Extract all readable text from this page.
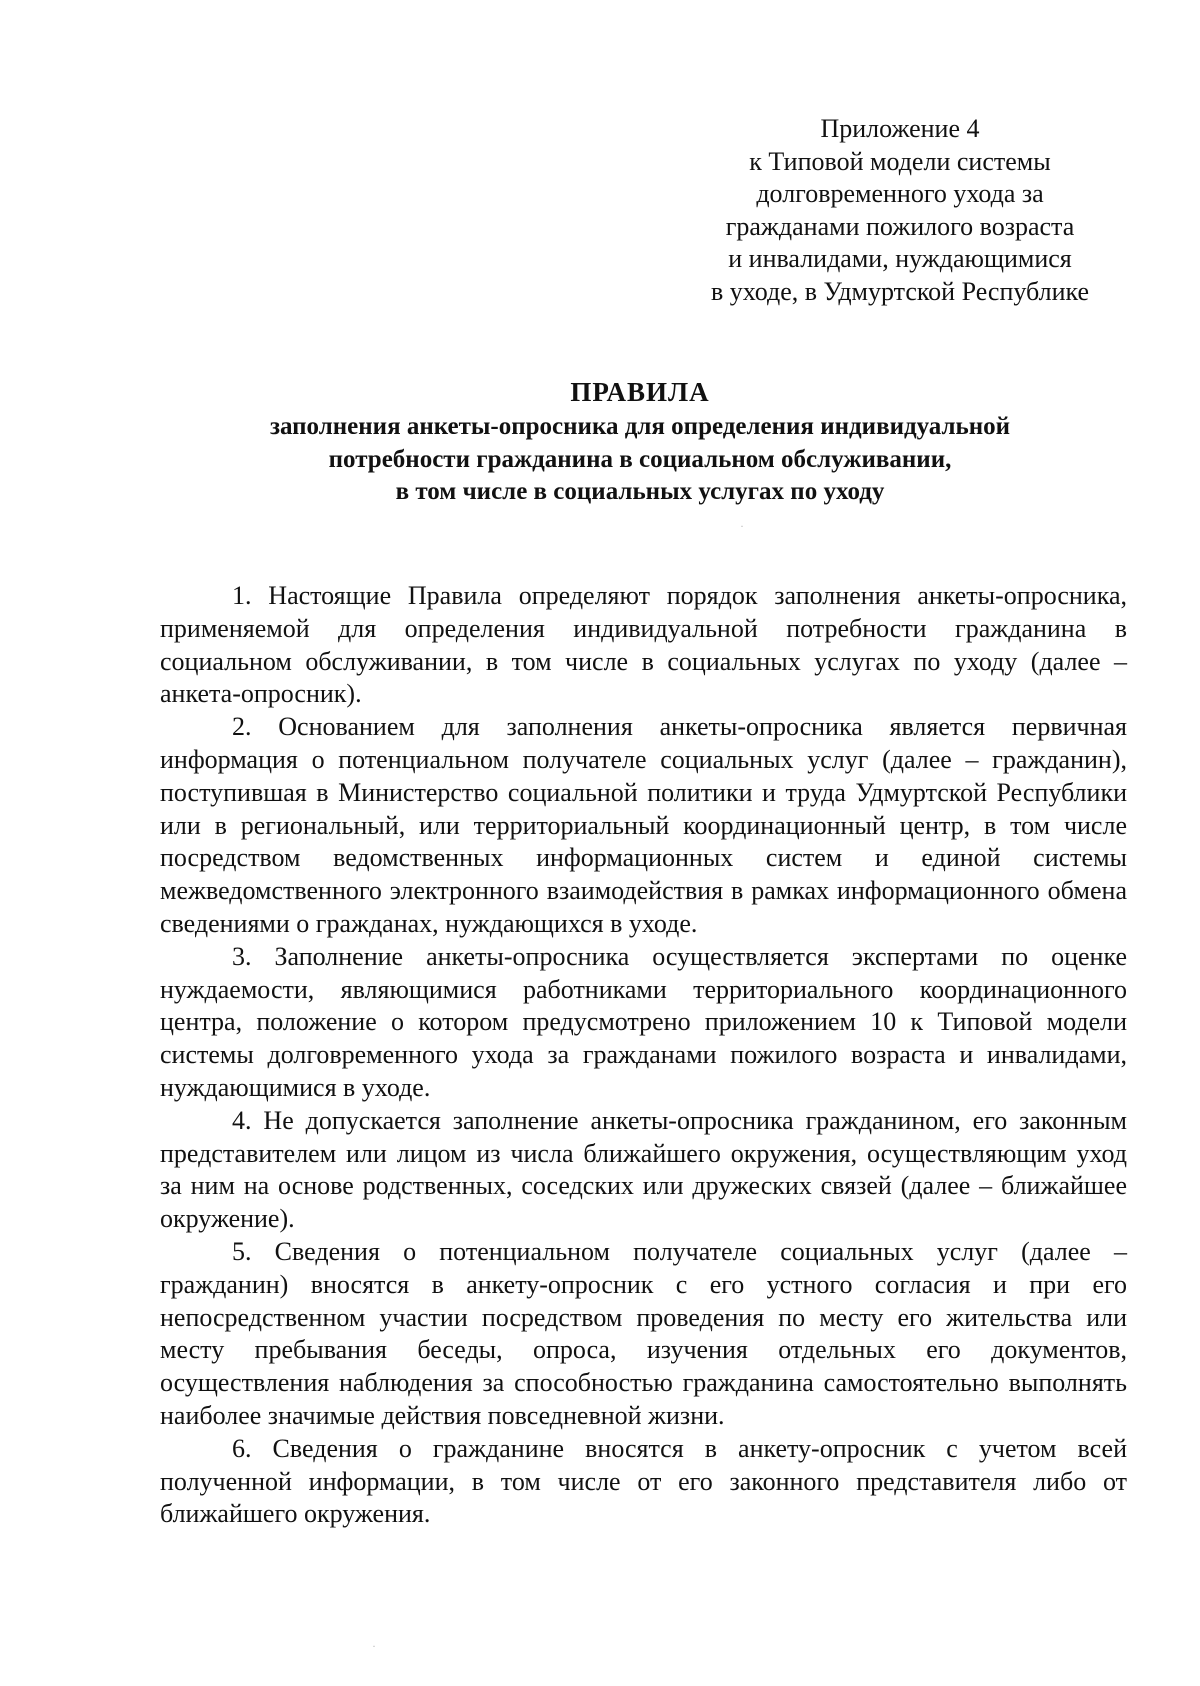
Приложение 4
к Типовой модели системы
долговременного ухода за
гражданами пожилого возраста
и инвалидами, нуждающимися
в уходе, в Удмуртской Республике
ПРАВИЛА
заполнения анкеты-опросника для определения индивидуальной
потребности гражданина в социальном обслуживании,
в том числе в социальных услугах по уходу

1. Настоящие Правила определяют порядок заполнения анкеты-опросника, применяемой для определения индивидуальной потребности гражданина в социальном обслуживании, в том числе в социальных услугах по уходу (далее – анкета-опросник).

2. Основанием для заполнения анкеты-опросника является первичная информация о потенциальном получателе социальных услуг (далее – гражданин), поступившая в Министерство социальной политики и труда Удмуртской Республики или в региональный, или территориальный координационный центр, в том числе посредством ведомственных информационных систем и единой системы межведомственного электронного взаимодействия в рамках информационного обмена сведениями о гражданах, нуждающихся в уходе.

3. Заполнение анкеты-опросника осуществляется экспертами по оценке нуждаемости, являющимися работниками территориального координационного центра, положение о котором предусмотрено приложением 10 к Типовой модели системы долговременного ухода за гражданами пожилого возраста и инвалидами, нуждающимися в уходе.

4. Не допускается заполнение анкеты-опросника гражданином, его законным представителем или лицом из числа ближайшего окружения, осуществляющим уход за ним на основе родственных, соседских или дружеских связей (далее – ближайшее окружение).

5. Сведения о потенциальном получателе социальных услуг (далее – гражданин) вносятся в анкету-опросник с его устного согласия и при его непосредственном участии посредством проведения по месту его жительства или месту пребывания беседы, опроса, изучения отдельных его документов, осуществления наблюдения за способностью гражданина самостоятельно выполнять наиболее значимые действия повседневной жизни.

6. Сведения о гражданине вносятся в анкету-опросник с учетом всей полученной информации, в том числе от его законного представителя либо от ближайшего окружения.

·
·
